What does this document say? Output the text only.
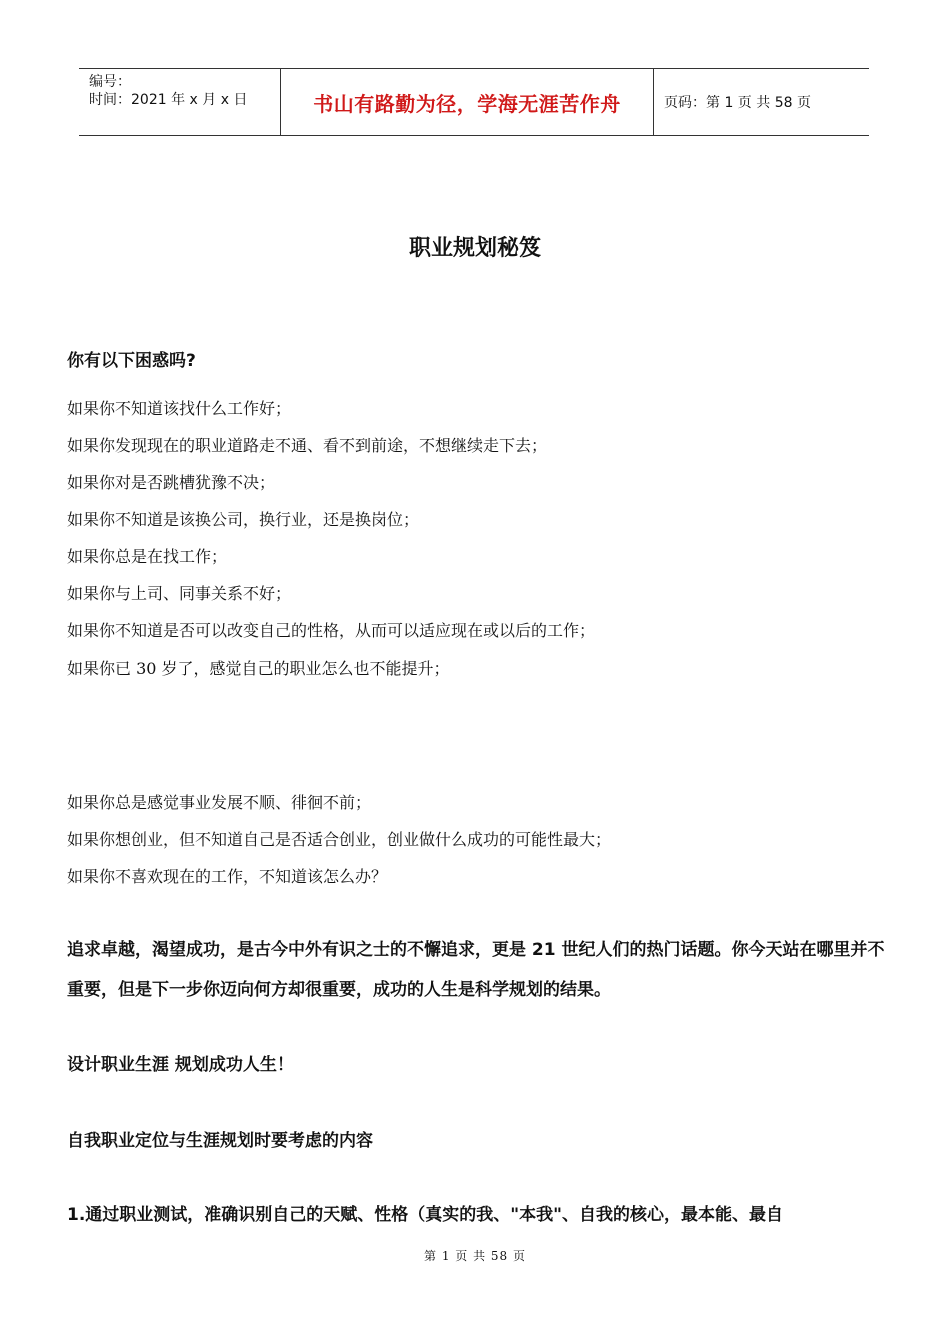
编号：
时间：2021 年 x 月 x 日	书山有路勤为径，学海无涯苦作舟	页码：第 1 页 共 58 页
职业规划秘笈
你有以下困惑吗?
如果你不知道该找什么工作好；
如果你发现现在的职业道路走不通、看不到前途，不想继续走下去；
如果你对是否跳槽犹豫不决；
如果你不知道是该换公司，换行业，还是换岗位；
如果你总是在找工作；
如果你与上司、同事关系不好；
如果你不知道是否可以改变自己的性格，从而可以适应现在或以后的工作；
如果你已 30 岁了，感觉自己的职业怎么也不能提升；
如果你总是感觉事业发展不顺、徘徊不前；
如果你想创业，但不知道自己是否适合创业，创业做什么成功的可能性最大；
如果你不喜欢现在的工作，不知道该怎么办？
追求卓越，渴望成功，是古今中外有识之士的不懈追求，更是 21 世纪人们的热门话题。你今天站在哪里并不重要，但是下一步你迈向何方却很重要，成功的人生是科学规划的结果。
设计职业生涯 规划成功人生！
自我职业定位与生涯规划时要考虑的内容
1.通过职业测试，准确识别自己的天赋、性格（真实的我、"本我"、自我的核心，最本能、最自
第 1 页 共 58 页
